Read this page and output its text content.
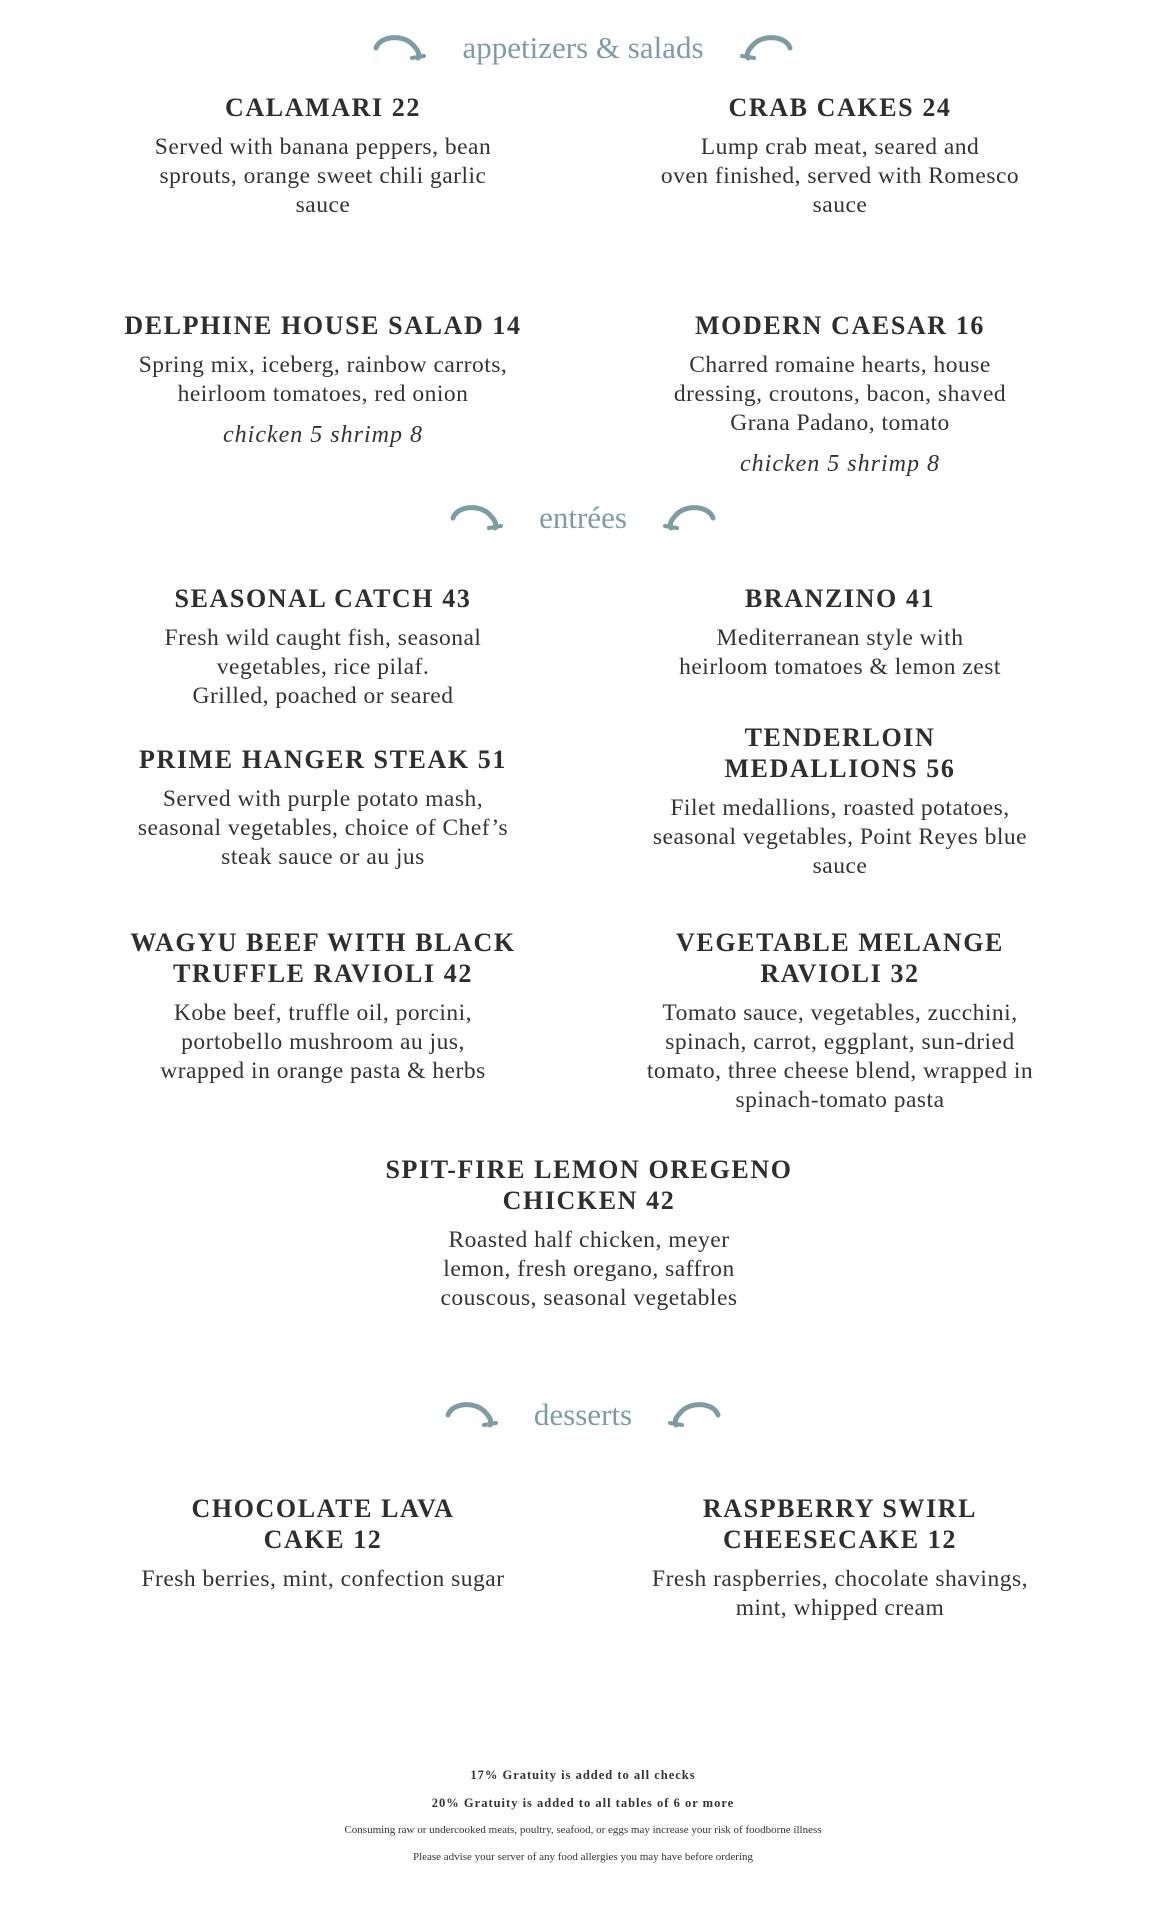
appetizers & salads
CALAMARI 22
Served with banana peppers, bean
sprouts, orange sweet chili garlic
sauce
CRAB CAKES 24
Lump crab meat, seared and
oven finished, served with Romesco
sauce
DELPHINE HOUSE SALAD 14
Spring mix, iceberg, rainbow carrots,
heirloom tomatoes, red onion
chicken 5 shrimp 8
MODERN CAESAR 16
Charred romaine hearts, house
dressing, croutons, bacon, shaved
Grana Padano, tomato
chicken 5 shrimp 8
entrées
SEASONAL CATCH 43
Fresh wild caught fish, seasonal
vegetables, rice pilaf.
Grilled, poached or seared
BRANZINO 41
Mediterranean style with
heirloom tomatoes & lemon zest
PRIME HANGER STEAK 51
Served with purple potato mash,
seasonal vegetables, choice of Chef’s
steak sauce or au jus
TENDERLOIN
MEDALLIONS 56
Filet medallions, roasted potatoes,
seasonal vegetables, Point Reyes blue
sauce
WAGYU BEEF WITH BLACK
TRUFFLE RAVIOLI 42
Kobe beef, truffle oil, porcini,
portobello mushroom au jus,
wrapped in orange pasta & herbs
VEGETABLE MELANGE
RAVIOLI 32
Tomato sauce, vegetables, zucchini,
spinach, carrot, eggplant, sun-dried
tomato, three cheese blend, wrapped in
spinach-tomato pasta
SPIT-FIRE LEMON OREGENO
CHICKEN 42
Roasted half chicken, meyer
lemon, fresh oregano, saffron
couscous, seasonal vegetables
desserts
CHOCOLATE LAVA
CAKE 12
Fresh berries, mint, confection sugar
RASPBERRY SWIRL
CHEESECAKE 12
Fresh raspberries, chocolate shavings,
mint, whipped cream
17% Gratuity is added to all checks
20% Gratuity is added to all tables of 6 or more
Consuming raw or undercooked meats, poultry, seafood, or eggs may increase your risk of foodborne illness
Please advise your server of any food allergies you may have before ordering
